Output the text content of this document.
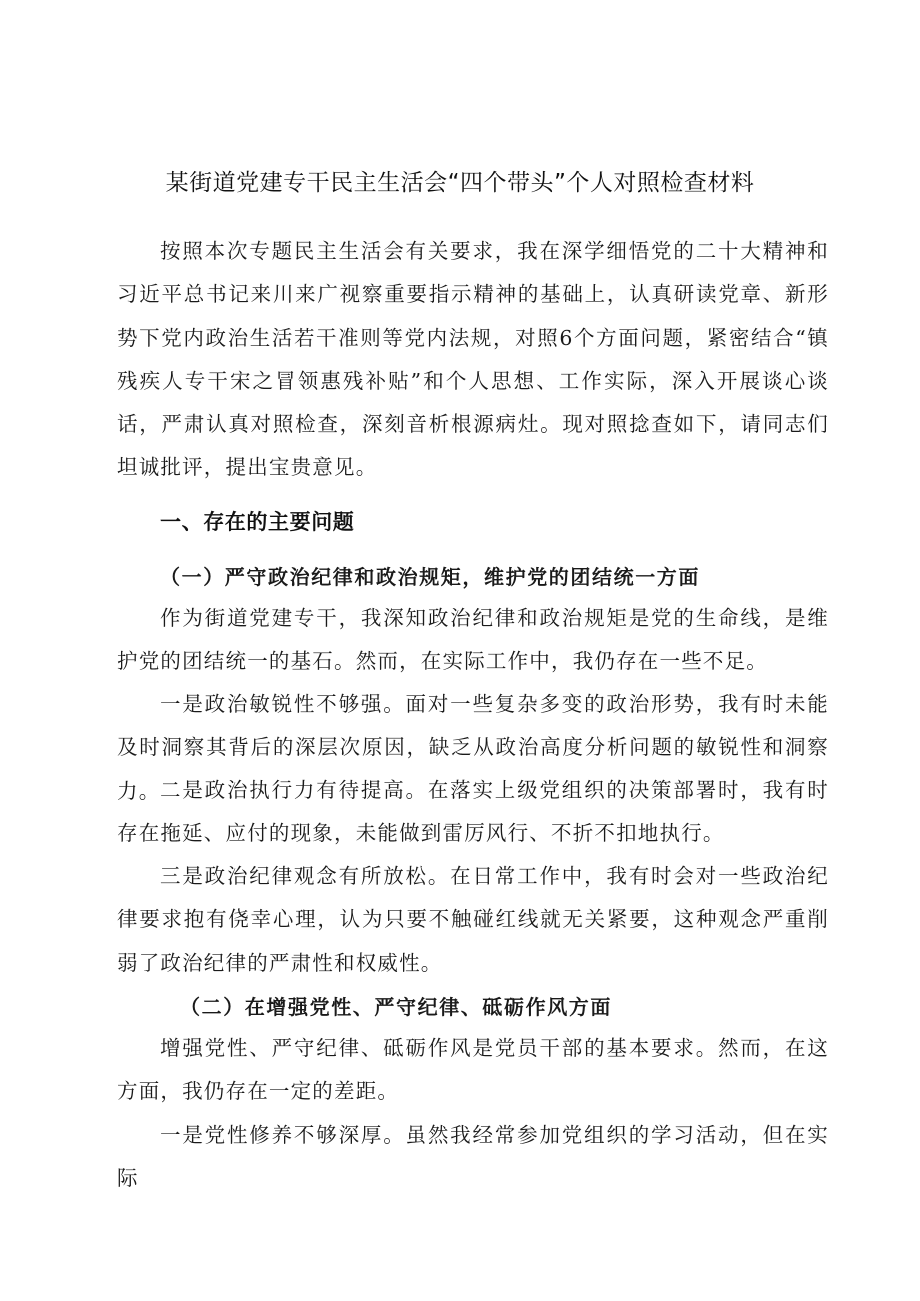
某街道党建专干民主生活会“四个带头”个人对照检查材料

按照本次专题民主生活会有关要求，我在深学细悟党的二十大精神和习近平总书记来川来广视察重要指示精神的基础上，认真研读党章、新形势下党内政治生活若干准则等党内法规，对照6个方面问题，紧密结合“镇残疾人专干宋之冒领惠残补贴”和个人思想、工作实际，深入开展谈心谈话，严肃认真对照检查，深刻音析根源病灶。现对照捻查如下，请同志们坦诚批评，提出宝贵意见。

一、存在的主要问题
（一）严守政治纪律和政治规矩，维护党的团结统一方面

作为街道党建专干，我深知政治纪律和政治规矩是党的生命线，是维护党的团结统一的基石。然而，在实际工作中，我仍存在一些不足。

一是政治敏锐性不够强。面对一些复杂多变的政治形势，我有时未能及时洞察其背后的深层次原因，缺乏从政治高度分析问题的敏锐性和洞察力。 二是政治执行力有待提高。在落实上级党组织的决策部署时，我有时存在拖延、应付的现象，未能做到雷厉风行、不折不扣地执行。

三是政治纪律观念有所放松。在日常工作中，我有时会对一些政治纪律要求抱有侥幸心理，认为只要不触碰红线就无关紧要，这种观念严重削弱了政治纪律的严肃性和权威性。

（二）在增强党性、严守纪律、砥砺作风方面

增强党性、严守纪律、砥砺作风是党员干部的基本要求。然而，在这方面，我仍存在一定的差距。

一是党性修养不够深厚。虽然我经常参加党组织的学习活动，但在实际
